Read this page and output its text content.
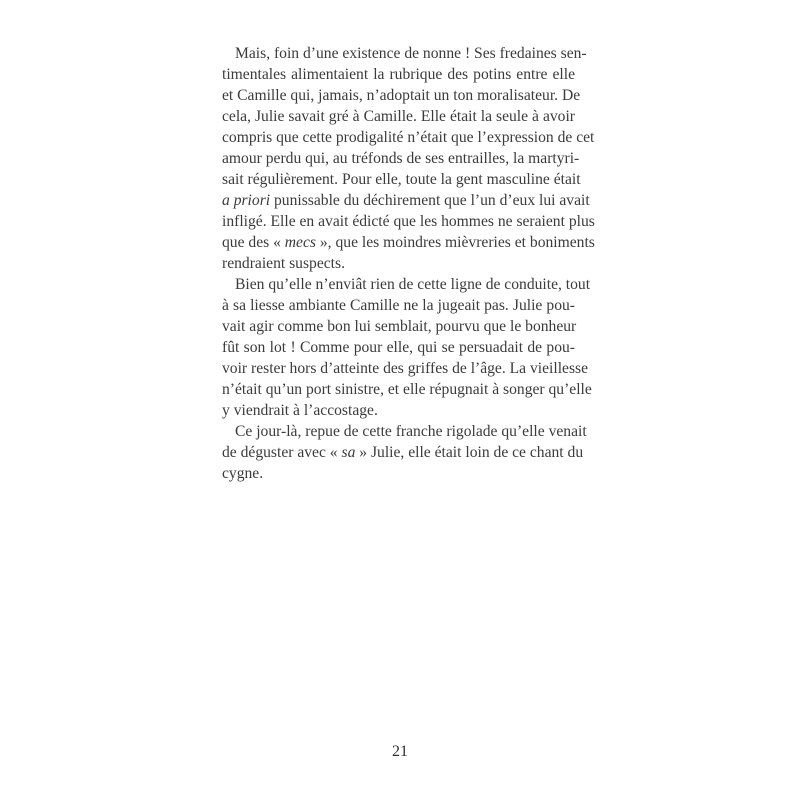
Mais, foin d’une existence de nonne ! Ses fredaines sen-
timentales alimentaient la rubrique des potins entre elle
et Camille qui, jamais, n’adoptait un ton moralisateur. De
cela, Julie savait gré à Camille. Elle était la seule à avoir
compris que cette prodigalité n’était que l’expression de cet
amour perdu qui, au tréfonds de ses entrailles, la martyri-
sait régulièrement. Pour elle, toute la gent masculine était
a priori punissable du déchirement que l’un d’eux lui avait
infligé. Elle en avait édicté que les hommes ne seraient plus
que des « mecs », que les moindres mièvreries et boniments
rendraient suspects.
Bien qu’elle n’enviât rien de cette ligne de conduite, tout
à sa liesse ambiante Camille ne la jugeait pas. Julie pou-
vait agir comme bon lui semblait, pourvu que le bonheur
fût son lot ! Comme pour elle, qui se persuadait de pou-
voir rester hors d’atteinte des griffes de l’âge. La vieillesse
n’était qu’un port sinistre, et elle répugnait à songer qu’elle
y viendrait à l’accostage.
Ce jour-là, repue de cette franche rigolade qu’elle venait
de déguster avec « sa » Julie, elle était loin de ce chant du
cygne.
21
